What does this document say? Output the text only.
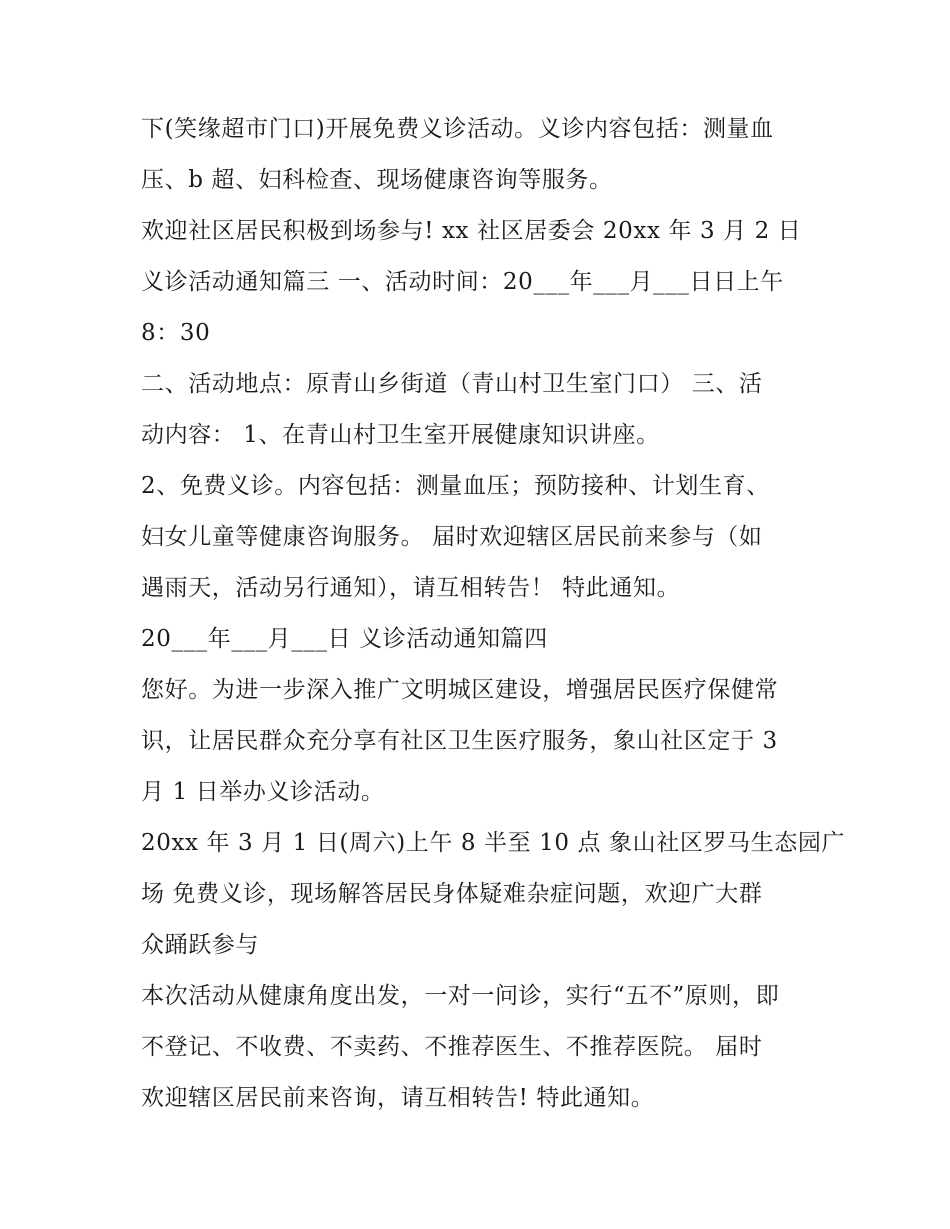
下(笑缘超市门口)开展免费义诊活动。义诊内容包括：测量血
压、b 超、妇科检查、现场健康咨询等服务。
欢迎社区居民积极到场参与! xx 社区居委会 20xx 年 3 月 2 日
义诊活动通知篇三 一、活动时间：20___年___月___日日上午
8：30
二、活动地点：原青山乡街道（青山村卫生室门口） 三、活
动内容： 1、在青山村卫生室开展健康知识讲座。
2、免费义诊。内容包括：测量血压；预防接种、计划生育、
妇女儿童等健康咨询服务。 届时欢迎辖区居民前来参与（如
遇雨天，活动另行通知），请互相转告！ 特此通知。
20___年___月___日 义诊活动通知篇四
您好。为进一步深入推广文明城区建设，增强居民医疗保健常
识，让居民群众充分享有社区卫生医疗服务，象山社区定于 3
月 1 日举办义诊活动。
20xx 年 3 月 1 日(周六)上午 8 半至 10 点 象山社区罗马生态园广
场 免费义诊，现场解答居民身体疑难杂症问题，欢迎广大群
众踊跃参与
本次活动从健康角度出发，一对一问诊，实行“五不”原则，即
不登记、不收费、不卖药、不推荐医生、不推荐医院。 届时
欢迎辖区居民前来咨询，请互相转告! 特此通知。
